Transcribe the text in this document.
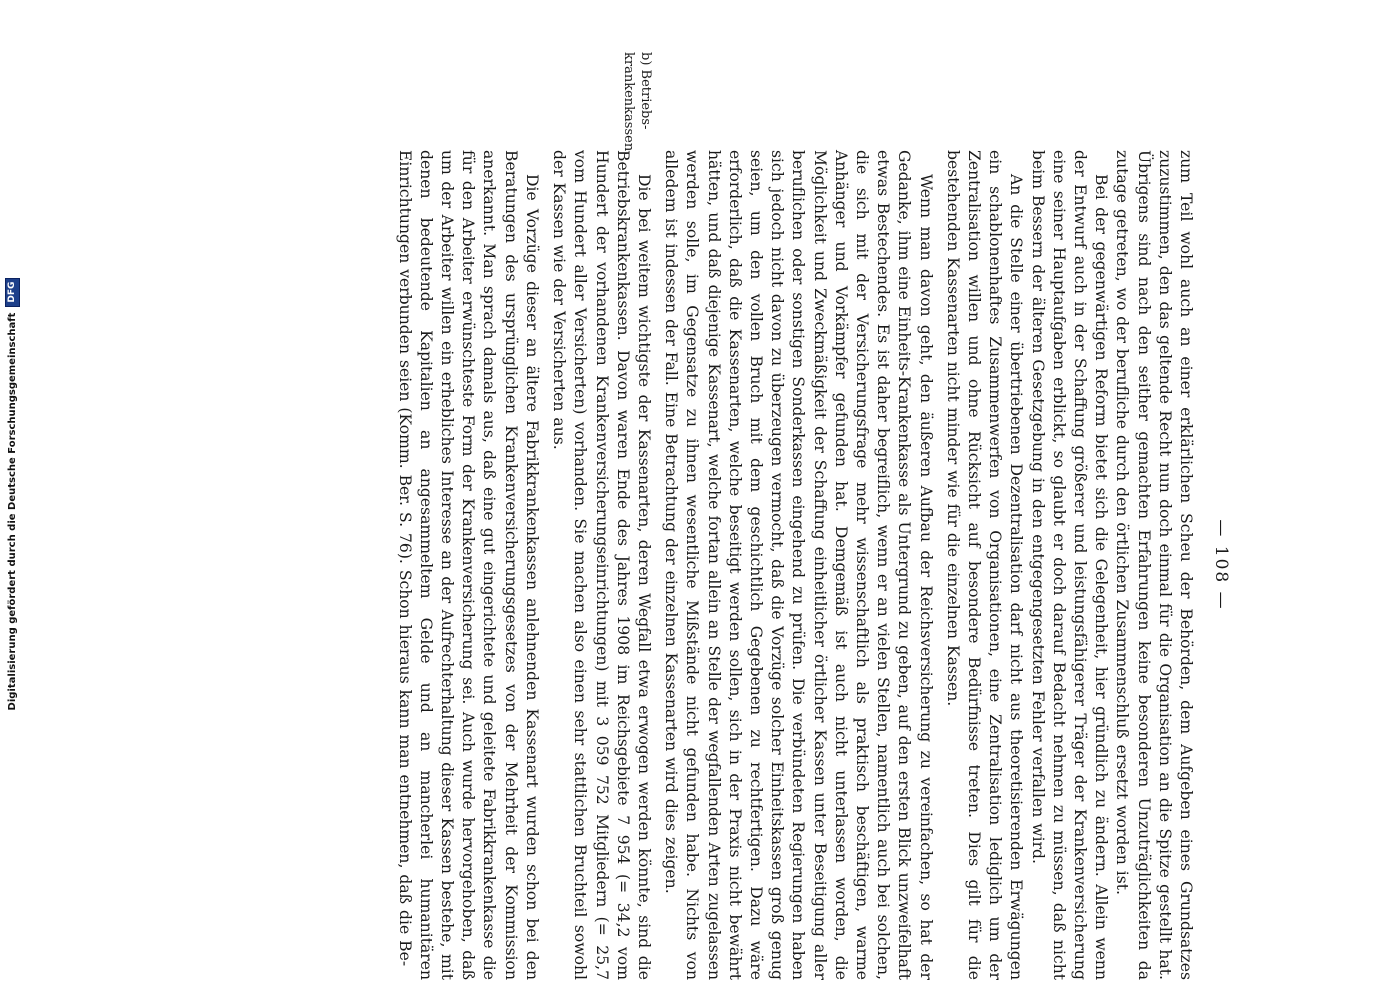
Digitalisierung gefördert durch die Deutsche Forschungsgemeinschaft
DFG
— 108 —

zum Teil wohl auch an einer erklärlichen Scheu der Behörden, dem Aufgeben eines Grundsatzes zuzustimmen, den das geltende Recht nun doch einmal für die Organisation an die Spitze gestellt hat. Übrigens sind nach den seither gemachten Erfahrungen keine besonderen Unzuträglichkeiten da zutage getreten, wo der berufliche durch den örtlichen Zusammenschluß ersetzt worden ist.

Bei der gegenwärtigen Reform bietet sich die Gelegenheit, hier gründlich zu ändern. Allein wenn der Entwurf auch in der Schaffung größerer und leistungsfähigerer Träger der Krankenversicherung eine seiner Hauptaufgaben erblickt, so glaubt er doch darauf Bedacht nehmen zu müssen, daß nicht beim Bessern der älteren Gesetzgebung in den entgegengesetzten Fehler verfallen wird.

An die Stelle einer übertriebenen Dezentralisation darf nicht aus theoretisierenden Erwägungen ein schablonenhaftes Zusammenwerfen von Organisationen, eine Zentralisation lediglich um der Zentralisation willen und ohne Rücksicht auf besondere Bedürfnisse treten. Dies gilt für die bestehenden Kassenarten nicht minder wie für die einzelnen Kassen.

Wenn man davon geht, den äußeren Aufbau der Reichsversicherung zu vereinfachen, so hat der Gedanke, ihm eine Einheits-Krankenkasse als Untergrund zu geben, auf den ersten Blick unzweifelhaft etwas Bestechendes. Es ist daher begreiflich, wenn er an vielen Stellen, namentlich auch bei solchen, die sich mit der Versicherungsfrage mehr wissenschaftlich als praktisch beschäftigen, warme Anhänger und Vorkämpfer gefunden hat. Demgemäß ist auch nicht unterlassen worden, die Möglichkeit und Zweckmäßigkeit der Schaffung einheitlicher örtlicher Kassen unter Beseitigung aller beruflichen oder sonstigen Sonderkassen eingehend zu prüfen. Die verbündeten Regierungen haben sich jedoch nicht davon zu überzeugen vermocht, daß die Vorzüge solcher Einheitskassen groß genug seien, um den vollen Bruch mit dem geschichtlich Gegebenen zu rechtfertigen. Dazu wäre erforderlich, daß die Kassenarten, welche beseitigt werden sollen, sich in der Praxis nicht bewährt hätten, und daß diejenige Kassenart, welche fortan allein an Stelle der wegfallenden Arten zugelassen werden solle, im Gegensatze zu ihnen wesentliche Mißstände nicht gefunden habe. Nichts von alledem ist indessen der Fall. Eine Betrachtung der einzelnen Kassenarten wird dies zeigen.

Die bei weitem wichtigste der Kassenarten, deren Wegfall etwa erwogen werden könnte, sind die Betriebskrankenkassen. Davon waren Ende des Jahres 1908 im Reichsgebiete 7 954 (= 34,2 vom Hundert der vorhandenen Krankenversicherungseinrichtungen) mit 3 059 752 Mitgliedern (= 25,7 vom Hundert aller Versicherten) vorhanden. Sie machen also einen sehr stattlichen Bruchteil sowohl der Kassen wie der Versicherten aus.

Die Vorzüge dieser an ältere Fabrikkrankenkassen anlehnenden Kassenart wurden schon bei den Beratungen des ursprünglichen Krankenversicherungsgesetzes von der Mehrheit der Kommission anerkannt. Man sprach damals aus, daß eine gut eingerichtete und geleitete Fabrikkrankenkasse die für den Arbeiter erwünschteste Form der Krankenversicherung sei. Auch wurde hervorgehoben, daß um der Arbeiter willen ein erhebliches Interesse an der Aufrechterhaltung dieser Kassen bestehe, mit denen bedeutende Kapitalien an angesammeltem Gelde und an mancherlei humanitären Einrichtungen verbunden seien (Komm. Ber. S. 76). Schon hieraus kann man entnehmen, daß die Be-

b) Betriebs-
krankenkassen.
